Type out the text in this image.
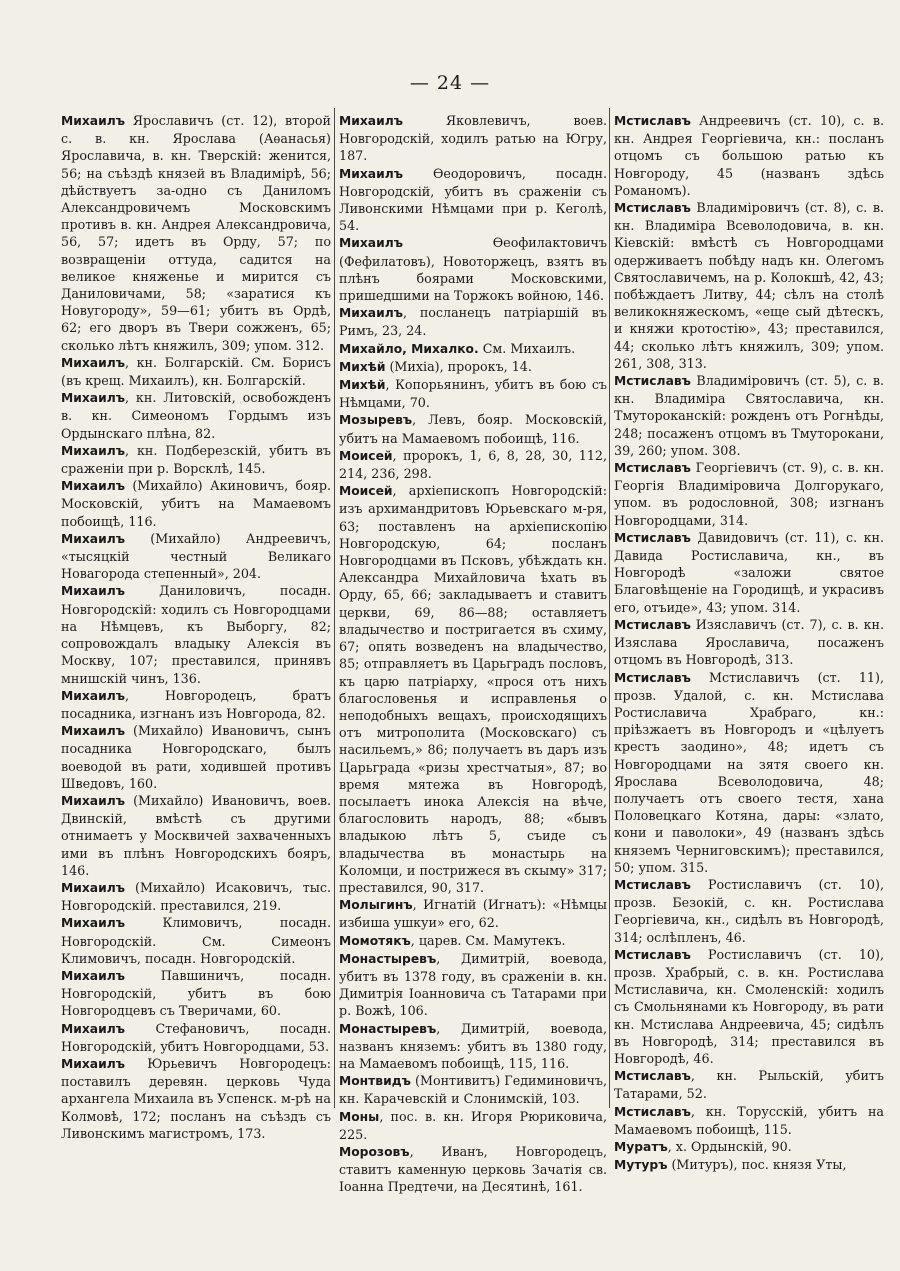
— 24 —

Михаилъ Ярославичъ (ст. 12), второй с. в. кн. Ярослава (Аѳанасья) Ярославича, в. кн. Тверскій: женится, 56; на съѣздѣ князей въ Владимірѣ, 56; дѣйствуетъ за-одно съ Даниломъ Александровичемъ Московскимъ противъ в. кн. Андрея Александровича, 56, 57; идетъ въ Орду, 57; по возвращеніи оттуда, садится на великое княженье и мирится съ Даниловичами, 58; «заратися къ Новугороду», 59—61; убитъ въ Ордѣ, 62; его дворъ въ Твери сожженъ, 65; сколько лѣтъ княжилъ, 309; упом. 312.

Михаилъ, кн. Болгарскій. См. Борисъ (въ крещ. Михаилъ), кн. Болгарскій.

Михаилъ, кн. Литовскій, освобожденъ в. кн. Симеономъ Гордымъ изъ Ордынскаго плѣна, 82.

Михаилъ, кн. Подберезскій, убитъ въ сраженіи при р. Ворсклѣ, 145.

Михаилъ (Михайло) Акиновичъ, бояр. Московскій, убитъ на Мамаевомъ побоищѣ, 116.

Михаилъ (Михайло) Андреевичъ, «тысяцкій честный Великаго Новагорода степенный», 204.

Михаилъ Даниловичъ, посадн. Новгородскій: ходилъ съ Новгородцами на Нѣмцевъ, къ Выборгу, 82; сопровождалъ владыку Алексія въ Москву, 107; преставился, принявъ мнишскій чинъ, 136.

Михаилъ, Новгородецъ, братъ посадника, изгнанъ изъ Новгорода, 82.

Михаилъ (Михайло) Ивановичъ, сынъ посадника Новгородскаго, былъ воеводой въ рати, ходившей противъ Шведовъ, 160.

Михаилъ (Михайло) Ивановичъ, воев. Двинскій, вмѣстѣ съ другими отнимаетъ у Москвичей захваченныхъ ими въ плѣнъ Новгородскихъ бояръ, 146.

Михаилъ (Михайло) Исаковичъ, тыс. Новгородскій. преставился, 219.

Михаилъ Климовичъ, посадн. Новгородскій. См. Симеонъ Климовичъ, посадн. Новгородскій.

Михаилъ Павшиничъ, посадн. Новгородскій, убитъ въ бою Новгородцевъ съ Тверичами, 60.

Михаилъ Стефановичъ, посадн. Новгородскій, убитъ Новгородцами, 53.

Михаилъ Юрьевичъ Новгородецъ: поставилъ деревян. церковь Чуда архангела Михаила въ Успенск. м-рѣ на Колмовѣ, 172; посланъ на съѣздъ съ Ливонскимъ магистромъ, 173.

Михаилъ Яковлевичъ, воев. Новгородскій, ходилъ ратью на Югру, 187.

Михаилъ Ѳеодоровичъ, посадн. Новгородскій, убитъ въ сраженіи съ Ливонскими Нѣмцами при р. Кеголѣ, 54.

Михаилъ Ѳеофилактовичъ (Фефилатовъ), Новоторжецъ, взятъ въ плѣнъ боярами Московскими, пришедшими на Торжокъ войною, 146.

Михаилъ, посланецъ патріаршій въ Римъ, 23, 24.

Михайло, Михалко. См. Михаилъ.

Михѣй (Михіа), пророкъ, 14.

Михѣй, Копорьянинъ, убитъ въ бою съ Нѣмцами, 70.

Мозыревъ, Левъ, бояр. Московскій, убитъ на Мамаевомъ побоищѣ, 116.

Моисей, пророкъ, 1, 6, 8, 28, 30, 112, 214, 236, 298.

Моисей, архіепископъ Новгородскій: изъ архимандритовъ Юрьевскаго м-ря, 63; поставленъ на архіепископію Новгородскую, 64; посланъ Новгородцами въ Псковъ, убѣждать кн. Александра Михайловича ѣхать въ Орду, 65, 66; закладываетъ и ставитъ церкви, 69, 86—88; оставляетъ владычество и постригается въ схиму, 67; опять возведенъ на владычество, 85; отправляетъ въ Царьградъ пословъ, къ царю патріарху, «прося отъ нихъ благословенья и исправленья о неподобныхъ вещахъ, происходящихъ отъ митрополита (Московскаго) съ насильемъ,» 86; получаетъ въ даръ изъ Царьграда «ризы хрестчатыя», 87; во время мятежа въ Новгородѣ, посылаетъ инока Алексія на вѣче, благословить народъ, 88; «бывъ владыкою лѣтъ 5, съиде съ владычества въ монастырь на Коломци, и пострижеся въ скыму» 317; преставился, 90, 317.

Молыгинъ, Игнатій (Игнатъ): «Нѣмцы избиша ушкуи» его, 62.

Момотякъ, царев. См. Мамутекъ.

Монастыревъ, Димитрій, воевода, убитъ въ 1378 году, въ сраженіи в. кн. Димитрія Іоанновича съ Татарами при р. Вожѣ, 106.

Монастыревъ, Димитрій, воевода, названъ княземъ: убитъ въ 1380 году, на Мамаевомъ побоищѣ, 115, 116.

Монтвидъ (Монтивитъ) Гедиминовичъ, кн. Карачевскій и Слонимскій, 103.

Моны, пос. в. кн. Игоря Рюриковича, 225.

Морозовъ, Иванъ, Новгородецъ, ставитъ каменную церковь Зачатія св. Іоанна Предтечи, на Десятинѣ, 161.

Мстиславъ Андреевичъ (ст. 10), с. в. кн. Андрея Георгіевича, кн.: посланъ отцомъ съ большою ратью къ Новгороду, 45 (названъ здѣсь Романомъ).

Мстиславъ Владиміровичъ (ст. 8), с. в. кн. Владиміра Всеволодовича, в. кн. Кіевскій: вмѣстѣ съ Новгородцами одерживаетъ побѣду надъ кн. Олегомъ Святославичемъ, на р. Колокшѣ, 42, 43; побѣждаетъ Литву, 44; сѣлъ на столѣ великокняжескомъ, «еще сый дѣтескъ, и княжи кротостію», 43; преставился, 44; сколько лѣтъ княжилъ, 309; упом. 261, 308, 313.

Мстиславъ Владиміровичъ (ст. 5), с. в. кн. Владиміра Святославича, кн. Тмутороканскій: рожденъ отъ Рогнѣды, 248; посаженъ отцомъ въ Тмуторокани, 39, 260; упом. 308.

Мстиславъ Георгіевичъ (ст. 9), с. в. кн. Георгія Владиміровича Долгорукаго, упом. въ родословной, 308; изгнанъ Новгородцами, 314.

Мстиславъ Давидовичъ (ст. 11), с. кн. Давида Ростиславича, кн., въ Новгородѣ «заложи святое Благовѣщеніе на Городищѣ, и украсивъ его, отъиде», 43; упом. 314.

Мстиславъ Изяславичъ (ст. 7), с. в. кн. Изяслава Ярославича, посаженъ отцомъ въ Новгородѣ, 313.

Мстиславъ Мстиславичъ (ст. 11), прозв. Удалой, с. кн. Мстислава Ростиславича Храбраго, кн.: пріѣзжаетъ въ Новгородъ и «цѣлуетъ крестъ заодино», 48; идетъ съ Новгородцами на зятя своего кн. Ярослава Всеволодовича, 48; получаетъ отъ своего тестя, хана Половецкаго Котяна, дары: «злато, кони и паволоки», 49 (названъ здѣсь княземъ Черниговскимъ); преставился, 50; упом. 315.

Мстиславъ Ростиславичъ (ст. 10), прозв. Безокій, с. кн. Ростислава Георгіевича, кн., сидѣлъ въ Новгородѣ, 314; ослѣпленъ, 46.

Мстиславъ Ростиславичъ (ст. 10), прозв. Храбрый, с. в. кн. Ростислава Мстиславича, кн. Смоленскій: ходилъ съ Смольнянами къ Новгороду, въ рати кн. Мстислава Андреевича, 45; сидѣлъ въ Новгородѣ, 314; преставился въ Новгородѣ, 46.

Мстиславъ, кн. Рыльскій, убитъ Татарами, 52.

Мстиславъ, кн. Торусскій, убитъ на Мамаевомъ побоищѣ, 115.

Муратъ, х. Ордынскій, 90.

Мутуръ (Митуръ), пос. князя Уты,
